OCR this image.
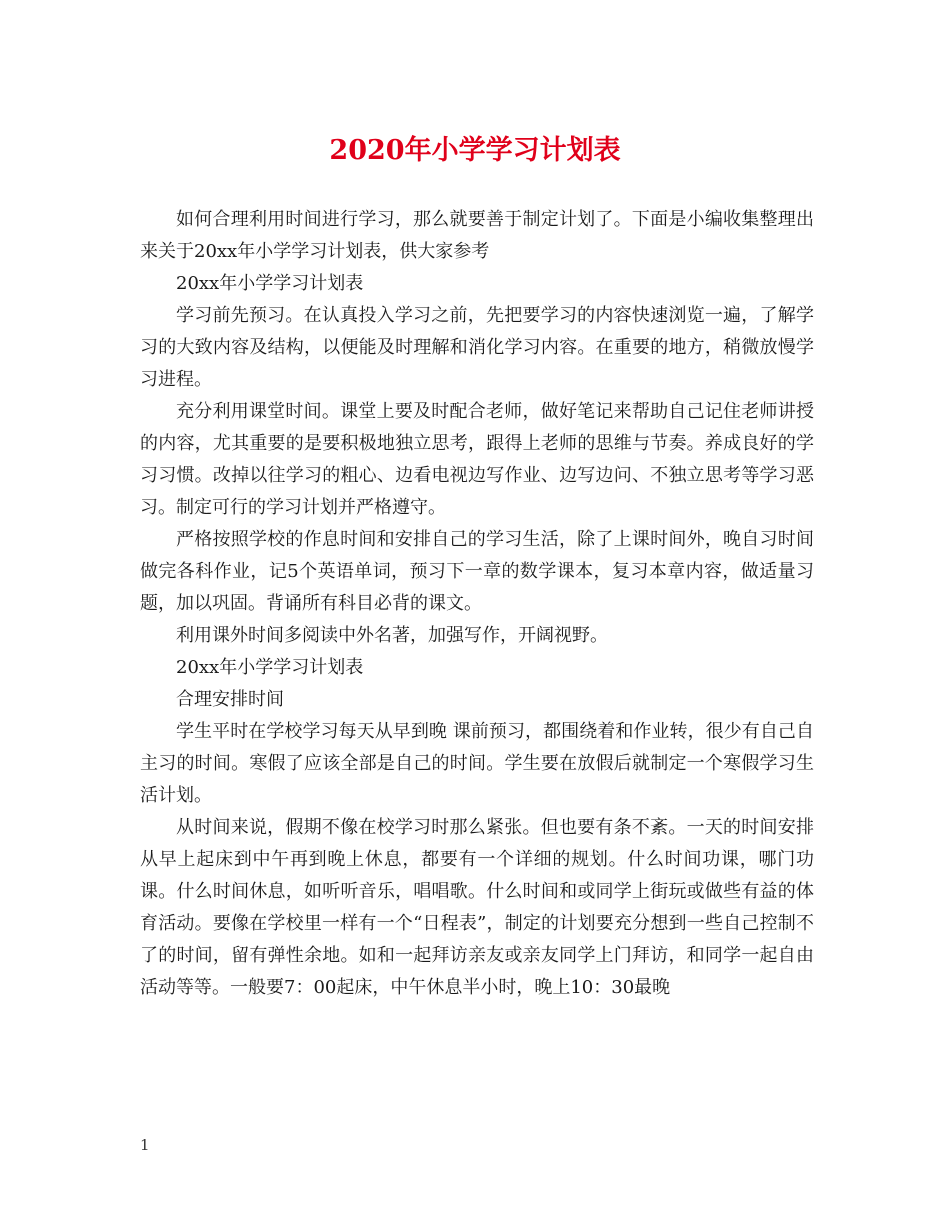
2020年小学学习计划表

如何合理利用时间进行学习，那么就要善于制定计划了。下面是小编收集整理出来关于20xx年小学学习计划表，供大家参考

20xx年小学学习计划表

学习前先预习。在认真投入学习之前，先把要学习的内容快速浏览一遍，了解学习的大致内容及结构，以便能及时理解和消化学习内容。在重要的地方，稍微放慢学习进程。

充分利用课堂时间。课堂上要及时配合老师，做好笔记来帮助自己记住老师讲授的内容，尤其重要的是要积极地独立思考，跟得上老师的思维与节奏。养成良好的学习习惯。改掉以往学习的粗心、边看电视边写作业、边写边问、不独立思考等学习恶习。制定可行的学习计划并严格遵守。

严格按照学校的作息时间和安排自己的学习生活，除了上课时间外，晚自习时间做完各科作业，记5个英语单词，预习下一章的数学课本，复习本章内容，做适量习题，加以巩固。背诵所有科目必背的课文。

利用课外时间多阅读中外名著，加强写作，开阔视野。

20xx年小学学习计划表

合理安排时间

学生平时在学校学习每天从早到晚 课前预习，都围绕着和作业转，很少有自己自主习的时间。寒假了应该全部是自己的时间。学生要在放假后就制定一个寒假学习生活计划。

从时间来说，假期不像在校学习时那么紧张。但也要有条不紊。一天的时间安排从早上起床到中午再到晚上休息，都要有一个详细的规划。什么时间功课，哪门功课。什么时间休息，如听听音乐，唱唱歌。什么时间和或同学上街玩或做些有益的体育活动。要像在学校里一样有一个“日程表”，制定的计划要充分想到一些自己控制不了的时间，留有弹性余地。如和一起拜访亲友或亲友同学上门拜访，和同学一起自由活动等等。一般要7：00起床，中午休息半小时，晚上10：30最晚

1
